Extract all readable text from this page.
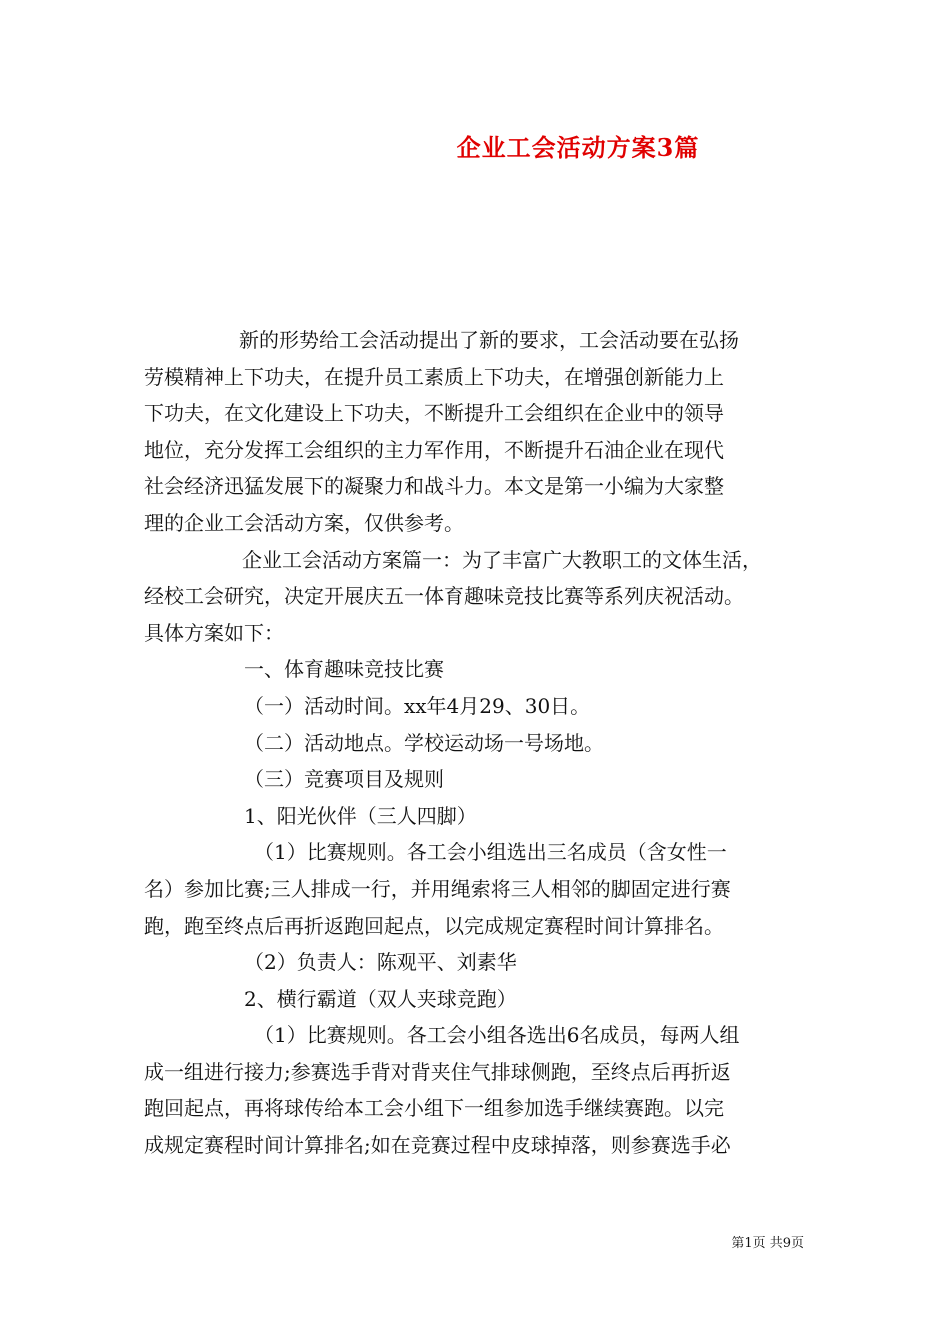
企业工会活动方案3篇
新的形势给工会活动提出了新的要求，工会活动要在弘扬
劳模精神上下功夫，在提升员工素质上下功夫，在增强创新能力上
下功夫，在文化建设上下功夫，不断提升工会组织在企业中的领导
地位，充分发挥工会组织的主力军作用，不断提升石油企业在现代
社会经济迅猛发展下的凝聚力和战斗力。本文是第一小编为大家整
理的企业工会活动方案，仅供参考。
企业工会活动方案篇一：为了丰富广大教职工的文体生活，
经校工会研究，决定开展庆五一体育趣味竞技比赛等系列庆祝活动。
具体方案如下：
一、体育趣味竞技比赛
（一）活动时间。xx年4月29、30日。
（二）活动地点。学校运动场一号场地。
（三）竞赛项目及规则
1、阳光伙伴（三人四脚）
（1）比赛规则。各工会小组选出三名成员（含女性一
名）参加比赛;三人排成一行，并用绳索将三人相邻的脚固定进行赛
跑，跑至终点后再折返跑回起点，以完成规定赛程时间计算排名。
（2）负责人：陈观平、刘素华
2、横行霸道（双人夹球竞跑）
（1）比赛规则。各工会小组各选出6名成员，每两人组
成一组进行接力;参赛选手背对背夹住气排球侧跑，至终点后再折返
跑回起点，再将球传给本工会小组下一组参加选手继续赛跑。以完
成规定赛程时间计算排名;如在竞赛过程中皮球掉落，则参赛选手必
第1页 共9页
